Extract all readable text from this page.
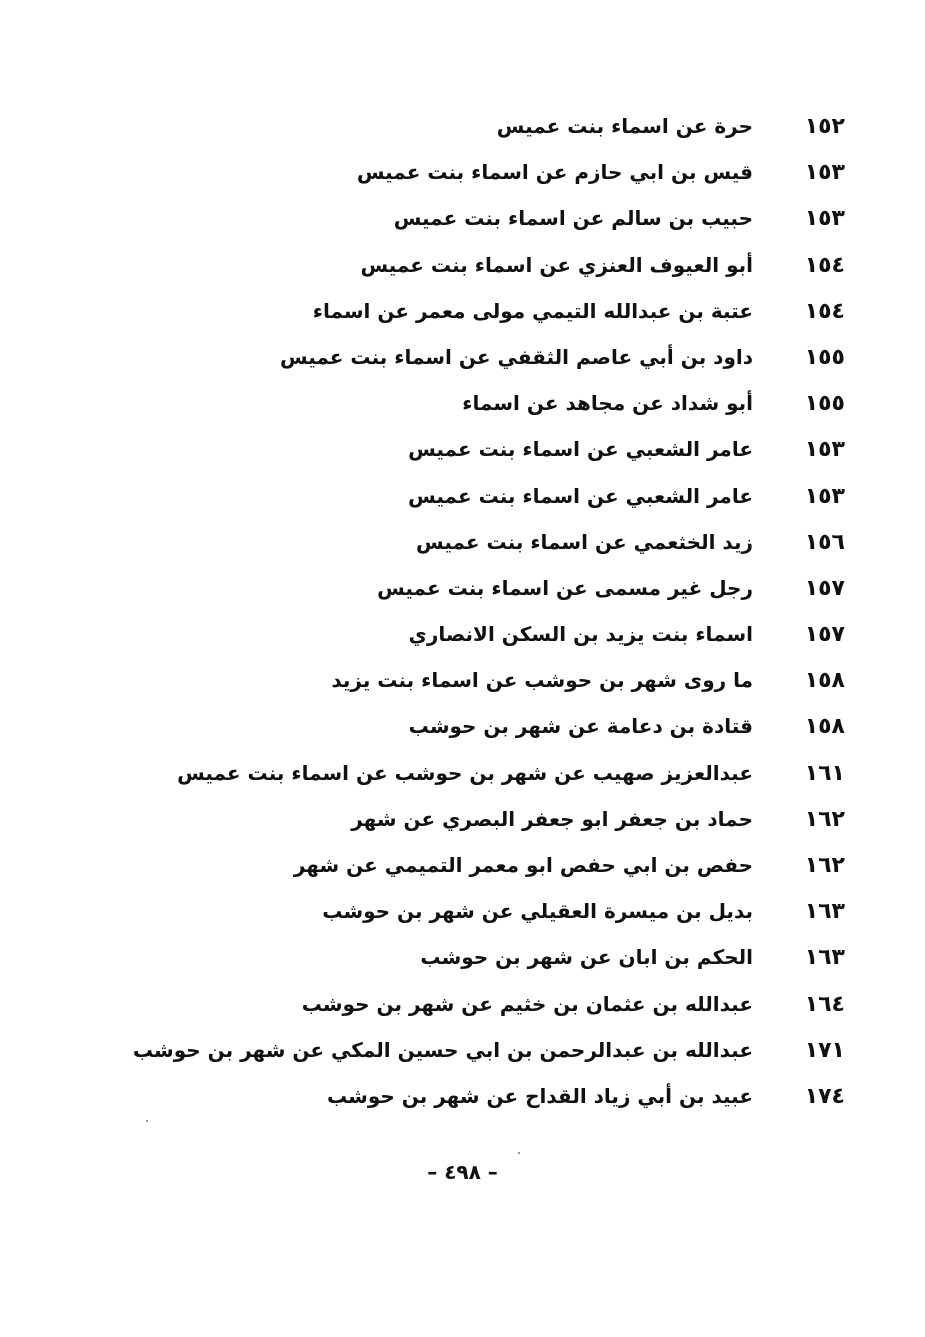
١٥٢
حرة عن اسماء بنت عميس
١٥٣
قيس بن ابي حازم عن اسماء بنت عميس
١٥٣
حبيب بن سالم عن اسماء بنت عميس
١٥٤
أبو العيوف العنزي عن اسماء بنت عميس
١٥٤
عتبة بن عبدالله التيمي مولى معمر عن اسماء
١٥٥
داود بن أبي عاصم الثقفي عن اسماء بنت عميس
١٥٥
أبو شداد عن مجاهد عن اسماء
١٥٣
عامر الشعبي عن اسماء بنت عميس
١٥٣
عامر الشعبي عن اسماء بنت عميس
١٥٦
زيد الخثعمي عن اسماء بنت عميس
١٥٧
رجل غير مسمى عن اسماء بنت عميس
١٥٧
اسماء بنت يزيد بن السكن الانصاري
١٥٨
ما روى شهر بن حوشب عن اسماء بنت يزيد
١٥٨
قتادة بن دعامة عن شهر بن حوشب
١٦١
عبدالعزيز صهيب عن شهر بن حوشب عن اسماء بنت عميس
١٦٢
حماد بن جعفر ابو جعفر البصري عن شهر
١٦٢
حفص بن ابي حفص ابو معمر التميمي عن شهر
١٦٣
بديل بن ميسرة العقيلي عن شهر بن حوشب
١٦٣
الحكم بن ابان عن شهر بن حوشب
١٦٤
عبدالله بن عثمان بن خثيم عن شهر بن حوشب
١٧١
عبدالله بن عبدالرحمن بن ابي حسين المكي عن شهر بن حوشب
١٧٤
عبيد بن أبي زياد القداح عن شهر بن حوشب
– ٤٩٨ –
